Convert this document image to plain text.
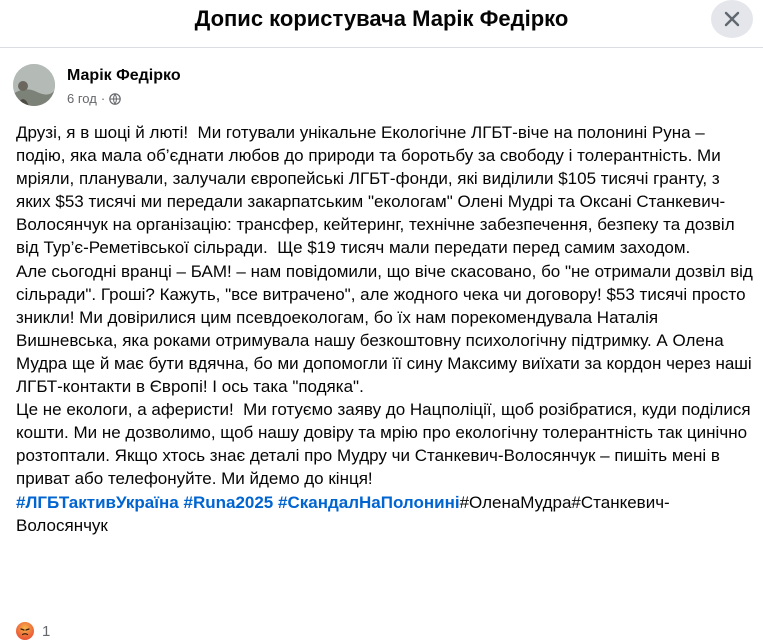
Допис користувача Марік Федірко
Марік Федірко
6 год ·
Друзі, я в шоці й люті!  Ми готували унікальне Екологічне ЛГБТ-віче на полонині Руна – подію, яка мала об’єднати любов до природи та боротьбу за свободу і толерантність. Ми мріяли, планували, залучали європейські ЛГБТ-фонди, які виділили $105 тисячі гранту, з яких $53 тисячі ми передали закарпатським "екологам" Олені Мудрі та Оксані Станкевич-Волосянчук на організацію: трансфер, кейтеринг, технічне забезпечення, безпеку та дозвіл від Тур’є-Реметівської сільради.  Ще $19 тисяч мали передати перед самим заходом.
Але сьогодні вранці – БАМ! – нам повідомили, що віче скасовано, бо "не отримали дозвіл від сільради". Гроші? Кажуть, "все витрачено", але жодного чека чи договору! $53 тисячі просто зникли! Ми довірилися цим псевдоекологам, бо їх нам порекомендувала Наталія Вишневська, яка роками отримувала нашу безкоштовну психологічну підтримку. А Олена Мудра ще й має бути вдячна, бо ми допомогли її сину Максиму виїхати за кордон через наші ЛГБТ-контакти в Європі! І ось така "подяка".
Це не екологи, а аферисти!  Ми готуємо заяву до Нацполіції, щоб розібратися, куди поділися кошти. Ми не дозволимо, щоб нашу довіру та мрію про екологічну толерантність так цинічно розтоптали. Якщо хтось знає деталі про Мудру чи Станкевич-Волосянчук – пишіть мені в приват або телефонуйте. Ми йдемо до кінця!
#ЛГБТактивУкраїна #Runa2025 #СкандалНаПолонині#ОленаМудра#Станкевич-Волосянчук
1
